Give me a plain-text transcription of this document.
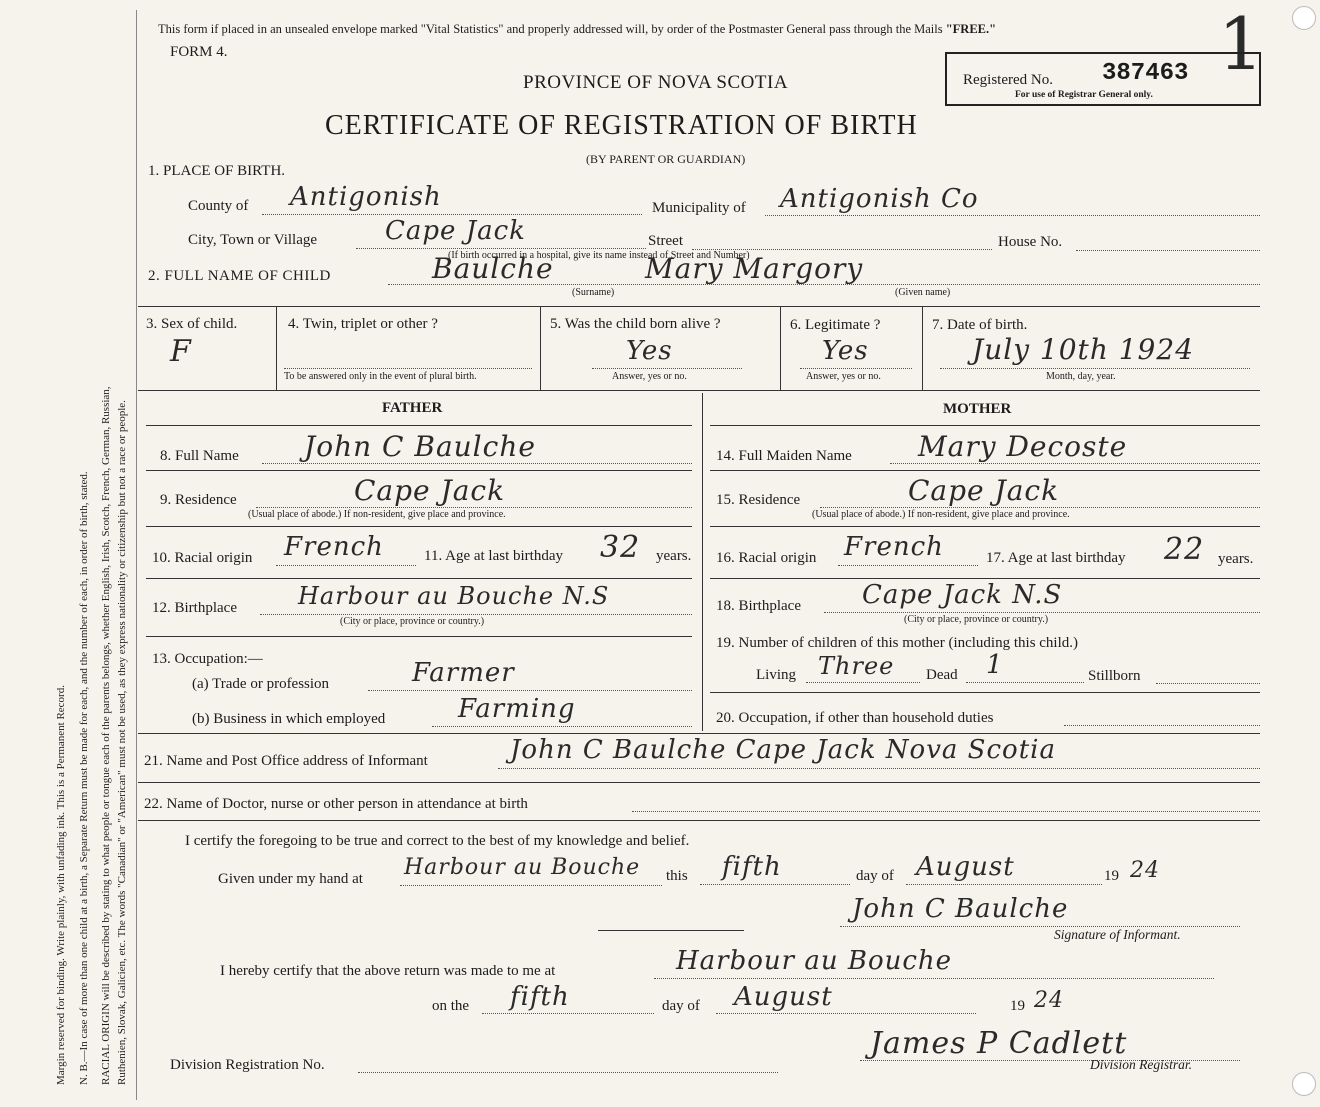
Margin reserved for binding. Write plainly, with unfading ink. This is a Permanent Record. N. B.—In case of more than one child at a birth, a Separate Return must be made for each, and the number of each, in order of birth, stated. RACIAL ORIGIN will be described by stating to what people or tongue each of the parents belongs, whether English, Irish, Scotch, French, German, Russian, Ruthenien, Slovak, Galicien, etc. The words "Canadian" or "American" must not be used, as they express nationality or citizenship but not a race or people.
This form if placed in an unsealed envelope marked "Vital Statistics" and properly addressed will, by order of the Postmaster General pass through the Mails "FREE."
FORM 4.
PROVINCE OF NOVA SCOTIA
CERTIFICATE OF REGISTRATION OF BIRTH
(BY PARENT OR GUARDIAN)
1
Registered No. 387463
For use of Registrar General only.
1. PLACE OF BIRTH.
County of Antigonish	Municipality of Antigonish Co
City, Town or Village	Cape Jack	Street
(If birth occurred in a hospital, give its name instead of Street and Number)
House No.
2. FULL NAME OF CHILD	Baulche	Mary Margory
(Surname)	(Given name)
3. Sex of child.
F
4. Twin, triplet or other ?
To be answered only in the event of plural birth.
5. Was the child born alive ?
Yes
Answer, yes or no.
6. Legitimate ?
Yes
Answer, yes or no.
7. Date of birth.
July 10th 1924
Month, day, year.
FATHER	MOTHER
8. Full Name John C Baulche
9. Residence	Cape Jack
(Usual place of abode.) If non-resident, give place and province.
10. Racial origin French	11. Age at last birthday 32 years.
12. Birthplace	Harbour au Bouche N.S
(City or place, province or country.)
13. Occupation:—
(a) Trade or profession	Farmer
(b) Business in which employed	Farming
14. Full Maiden Name Mary Decoste
15. Residence	Cape Jack
(Usual place of abode.) If non-resident, give place and province.
16. Racial origin French	17. Age at last birthday 22 years.
18. Birthplace Cape Jack N.S
(City or place, province or country.)
19. Number of children of this mother (including this child.)
Living Three Dead 1	Stillborn
20. Occupation, if other than household duties
21. Name and Post Office address of Informant	John C Baulche Cape Jack Nova Scotia
22. Name of Doctor, nurse or other person in attendance at birth
I certify the foregoing to be true and correct to the best of my knowledge and belief.
Given under my hand at Harbour au Bouche this fifth	day of August	19 24
John C Baulche
Signature of Informant.
I hereby certify that the above return was made to me at	Harbour au Bouche
on the fifth	day of August	19 24
Division Registration No.
James P Cadlett
Division Registrar.
